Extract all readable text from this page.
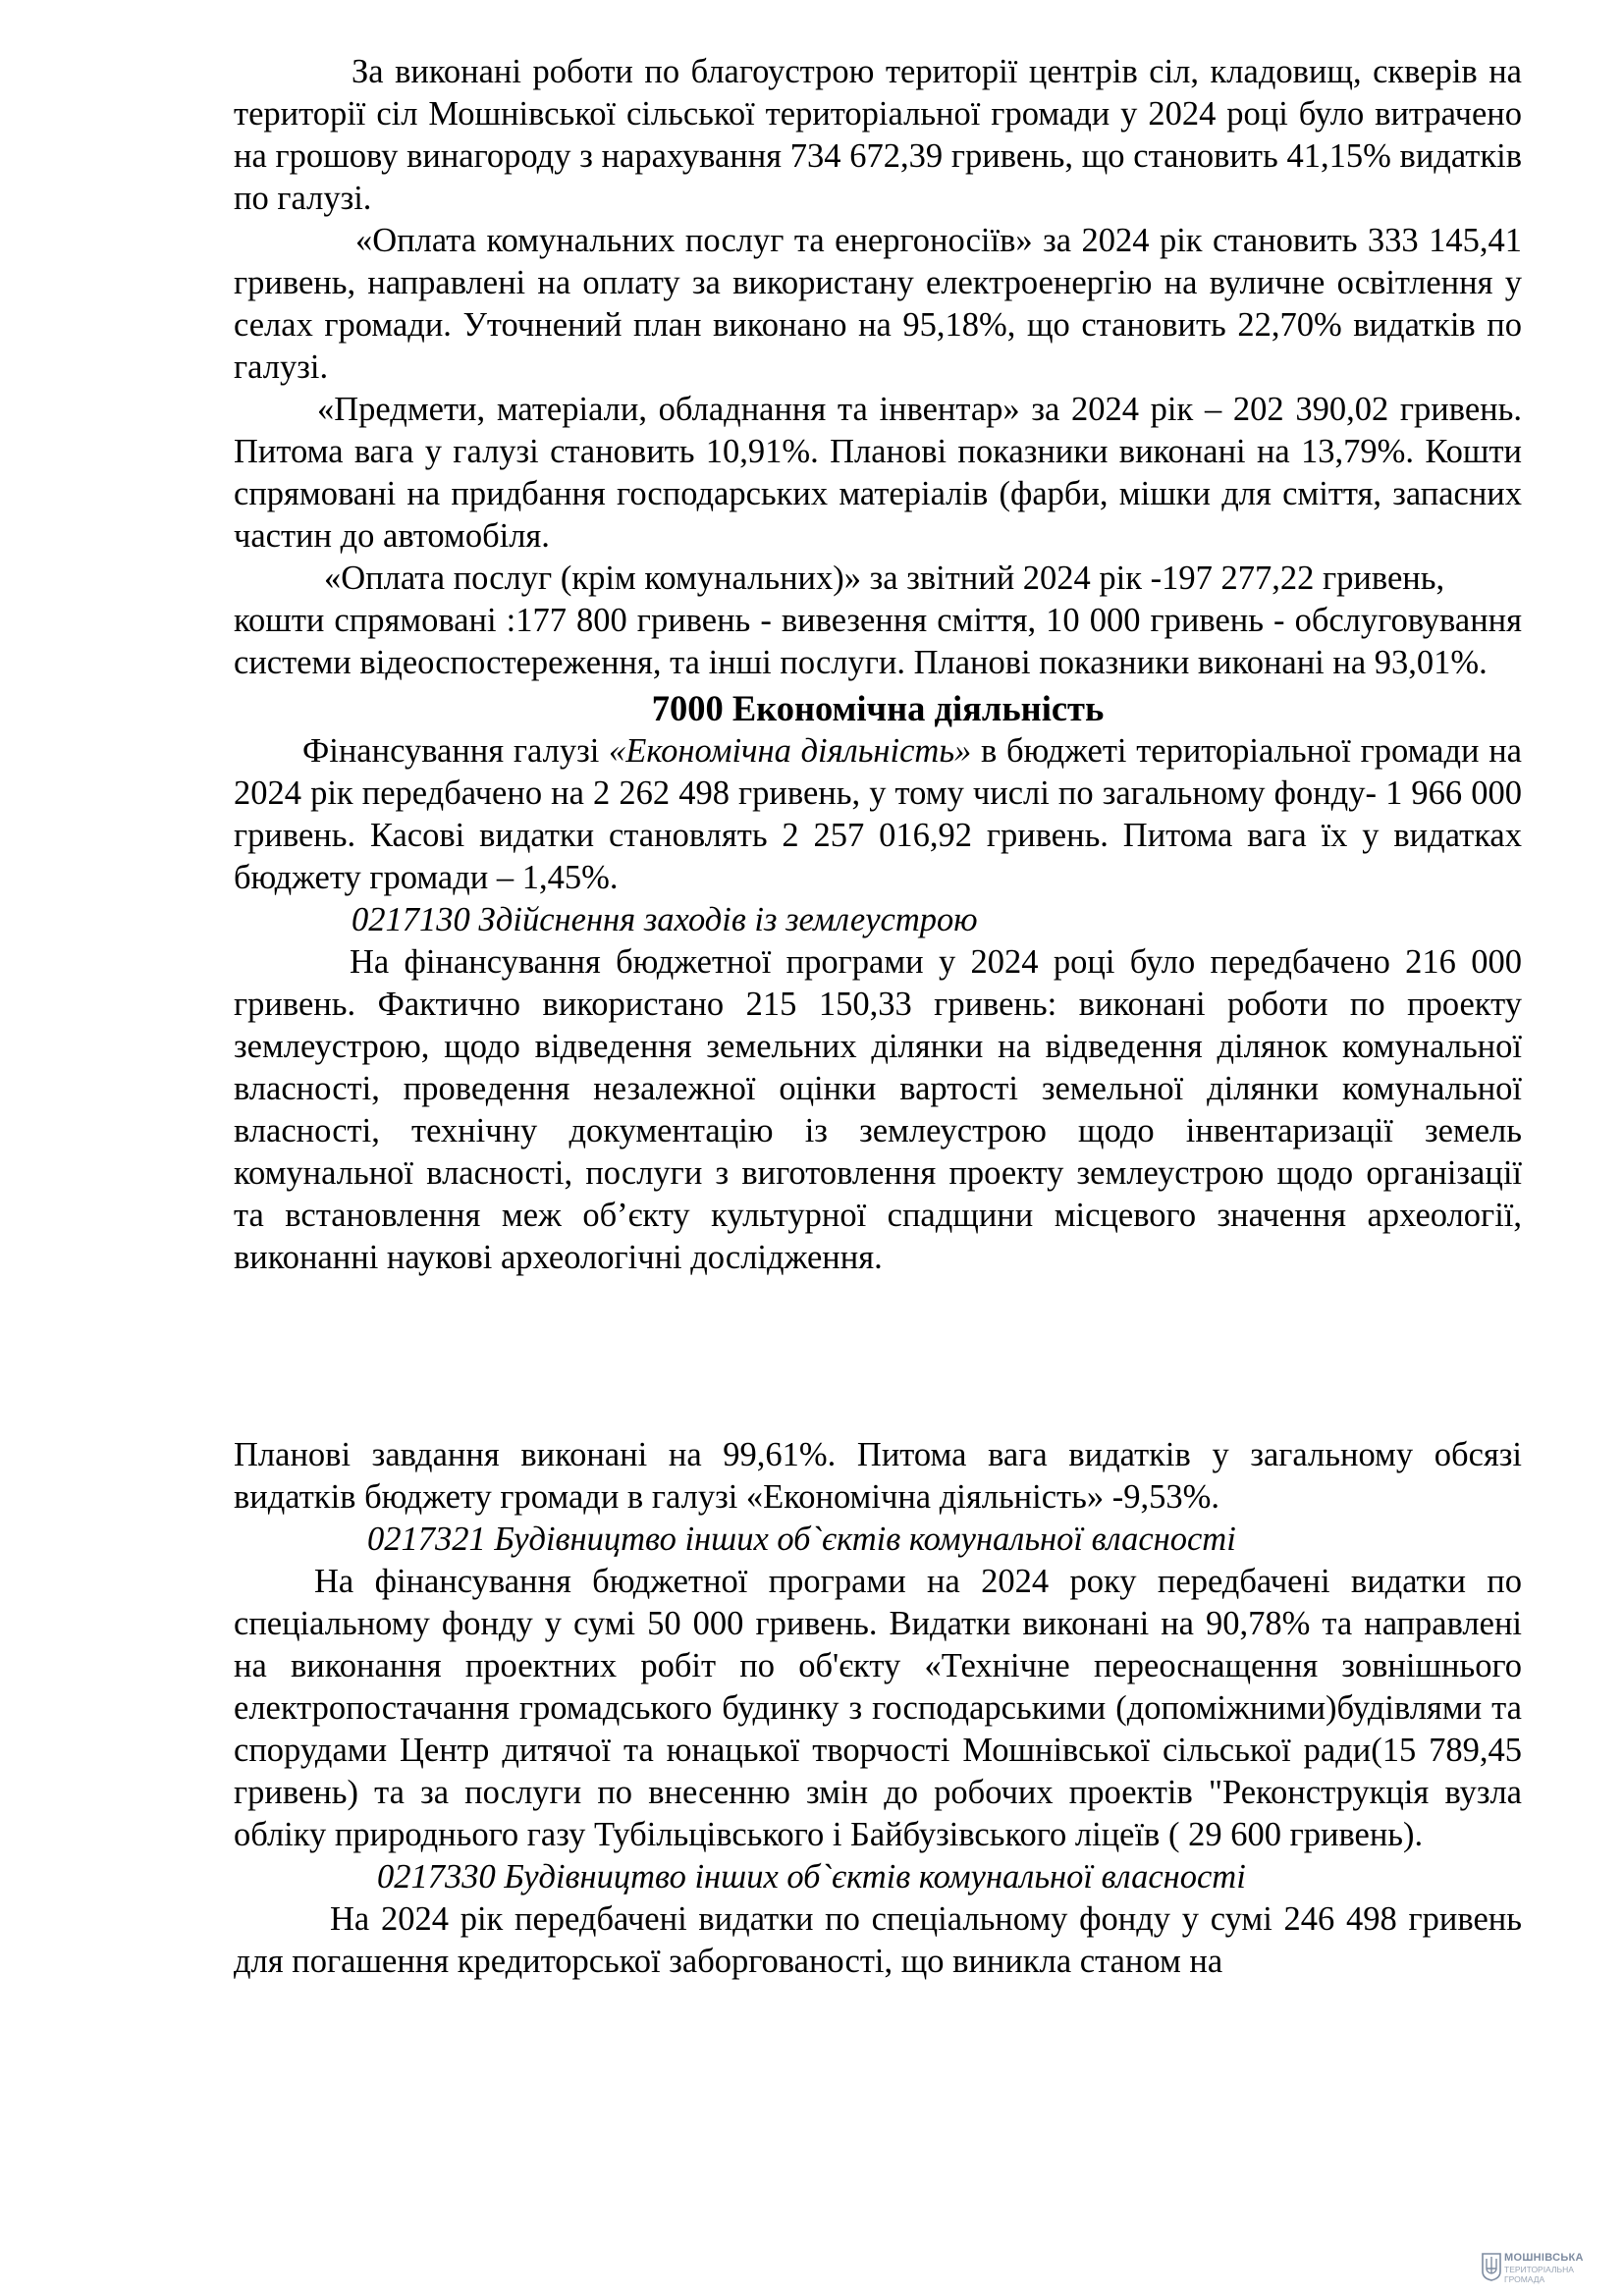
За виконані роботи по благоустрою території центрів сіл, кладовищ, скверів на території сіл Мошнівської сільської територіальної громади у 2024 році було витрачено на грошову винагороду з нарахування 734 672,39 гривень, що становить 41,15% видатків по галузі.

«Оплата комунальних послуг та енергоносіїв» за 2024 рік становить 333 145,41 гривень, направлені на оплату за використану електроенергію на вуличне освітлення у селах громади. Уточнений план виконано на 95,18%, що становить 22,70% видатків по галузі.

«Предмети, матеріали, обладнання та інвентар» за 2024 рік – 202 390,02 гривень. Питома вага у галузі становить 10,91%. Планові показники виконані на 13,79%. Кошти спрямовані на придбання господарських матеріалів (фарби, мішки для сміття, запасних частин до автомобіля.

«Оплата послуг (крім комунальних)» за звітний 2024 рік -197 277,22 гривень,

кошти спрямовані :177 800 гривень - вивезення сміття, 10 000 гривень - обслуговування системи відеоспостереження, та інші послуги. Планові показники виконані на 93,01%.

7000 Економічна діяльність

Фінансування галузі «Економічна діяльність» в бюджеті територіальної громади на 2024 рік передбачено на 2 262 498 гривень, у тому числі по загальному фонду- 1 966 000 гривень. Касові видатки становлять 2 257 016,92 гривень. Питома вага їх у видатках бюджету громади – 1,45%.

0217130 Здійснення заходів із землеустрою

На фінансування бюджетної програми у 2024 році було передбачено 216 000 гривень. Фактично використано 215 150,33 гривень: виконані роботи по проекту землеустрою, щодо відведення земельних ділянки на відведення ділянок комунальної власності, проведення незалежної оцінки вартості земельної ділянки комунальної власності, технічну документацію із землеустрою щодо інвентаризації земель комунальної власності, послуги з виготовлення проекту землеустрою щодо організації та встановлення меж об’єкту культурної спадщини місцевого значення археології, виконанні наукові археологічні дослідження.

Планові завдання виконані на 99,61%. Питома вага видатків у загальному обсязі видатків бюджету громади в галузі «Економічна діяльність» -9,53%.

0217321 Будівництво інших об`єктів комунальної власності

На фінансування бюджетної програми на 2024 року передбачені видатки по спеціальному фонду у сумі 50 000 гривень. Видатки виконані на 90,78% та направлені на виконання проектних робіт по об'єкту «Технічне переоснащення зовнішнього електропостачання громадського будинку з господарськими (допоміжними)будівлями та спорудами Центр дитячої та юнацької творчості Мошнівської сільської ради(15 789,45 гривень) та за послуги по внесенню змін до робочих проектів "Реконструкція вузла обліку природнього газу Тубільцівського і Байбузівського ліцеїв ( 29 600 гривень).

0217330 Будівництво інших об`єктів комунальної власності

На 2024 рік передбачені видатки по спеціальному фонду у сумі 246 498 гривень для погашення кредиторської заборгованості, що виникла станом на

МОШНІВСЬКА
ТЕРИТОРІАЛЬНА
ГРОМАДА
